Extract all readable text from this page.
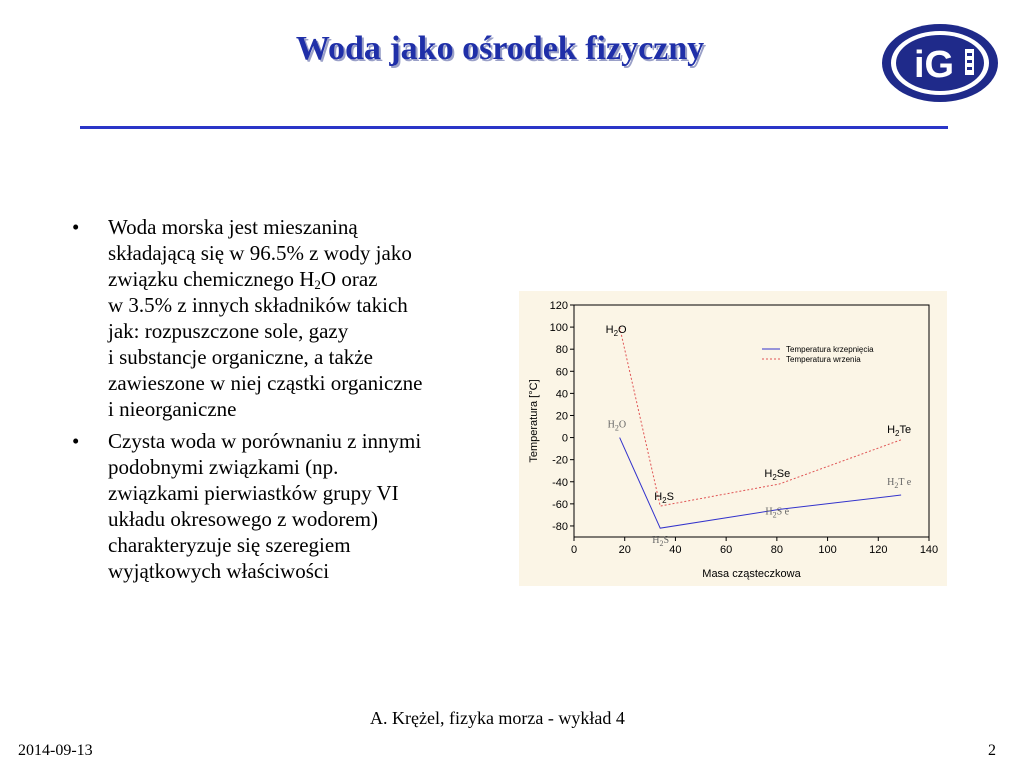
Woda jako ośrodek fizyczny	iG
• Woda morska jest mieszaniną
składającą się w 96.5% z wody jako
związku chemicznego $H_2O$ oraz
w 3.5% z innych składników takich
jak: rozpuszczone sole, gazy
i substancje organiczne, a także
zawieszone w niej cząstki organiczne
i nieorganiczne
• Czysta woda w porównaniu z innymi
podobnymi związkami (np.
związkami pierwiastków grupy VI
układu okresowego z wodorem)
charakteryzuje się szeregiem
wyjątkowych właściwości
0	20	40	60	80	100	120	140
120
100
80
60
40
20
0
-20
-40
-60
-80
Masa cząsteczkowa
Temperatura [°C]
Temperatura krzepnięcia
Temperatura wrzenia
$H_2O$
$H_2S$
$H_2Se$
$H_2Te$
$H_2O$
$H_2S$
$H_2S$ e
$H_2T$ e
A. Krężel, fizyka morza - wykład 4
2014-09-13	2
